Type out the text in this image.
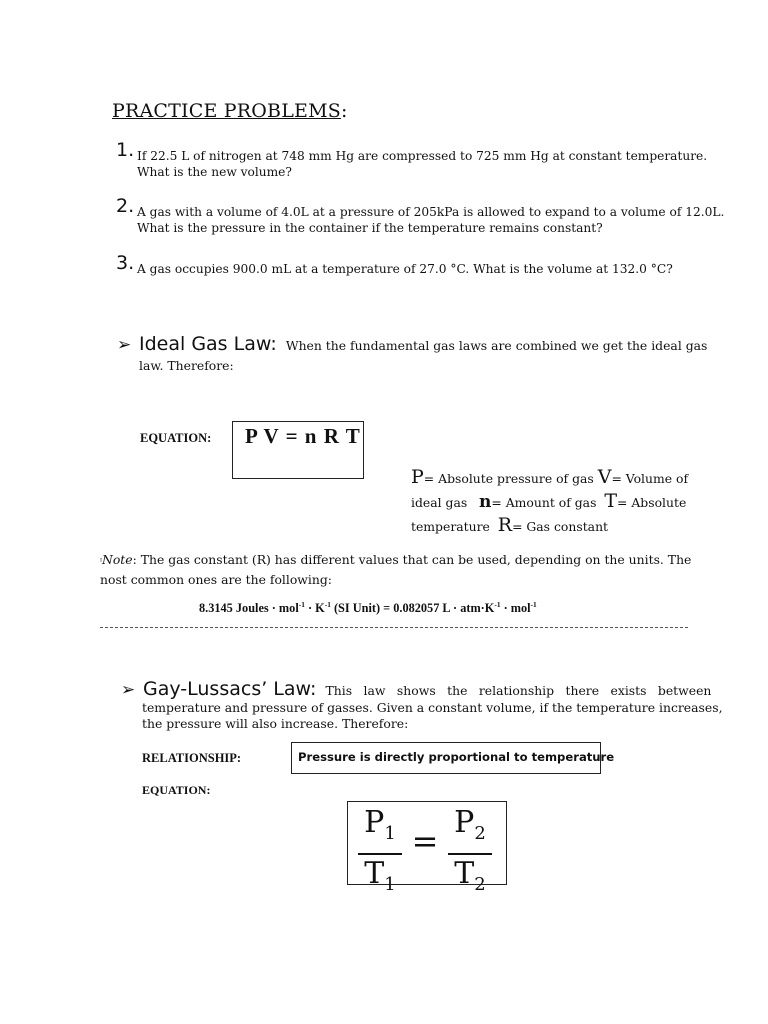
PRACTICE PROBLEMS:
1. If 22.5 L of nitrogen at 748 mm Hg are compressed to 725 mm Hg at constant temperature.
What is the new volume?
2. A gas with a volume of 4.0L at a pressure of 205kPa is allowed to expand to a volume of 12.0L.
What is the pressure in the container if the temperature remains constant?
3. A gas occupies 900.0 mL at a temperature of 27.0 °C. What is the volume at 132.0 °C?
➢ Ideal Gas Law: When the fundamental gas laws are combined we get the ideal gas
law. Therefore:
EQUATION: P V = n R T
P= Absolute pressure of gas V= Volume of
ideal gas n= Amount of gas T= Absolute
temperature R= Gas constant
ᴵNote: The gas constant (R) has different values that can be used, depending on the units. The
nost common ones are the following:
8.3145 Joules · $mol^{-1} \cdot K^{-1}$ (SI Unit) = 0.082057 $L \cdot atm\cdot K^{-1} \cdot mol^{-1}$
➢ Gay-Lussacs’ Law: This law shows the relationship there exists between
temperature and pressure of gasses. Given a constant volume, if the temperature increases,
the pressure will also increase. Therefore:
RELATIONSHIP:	Pressure is directly proportional to temperature
EQUATION:
$P_1$
$T_1$
= $P_2$
$T_2$
